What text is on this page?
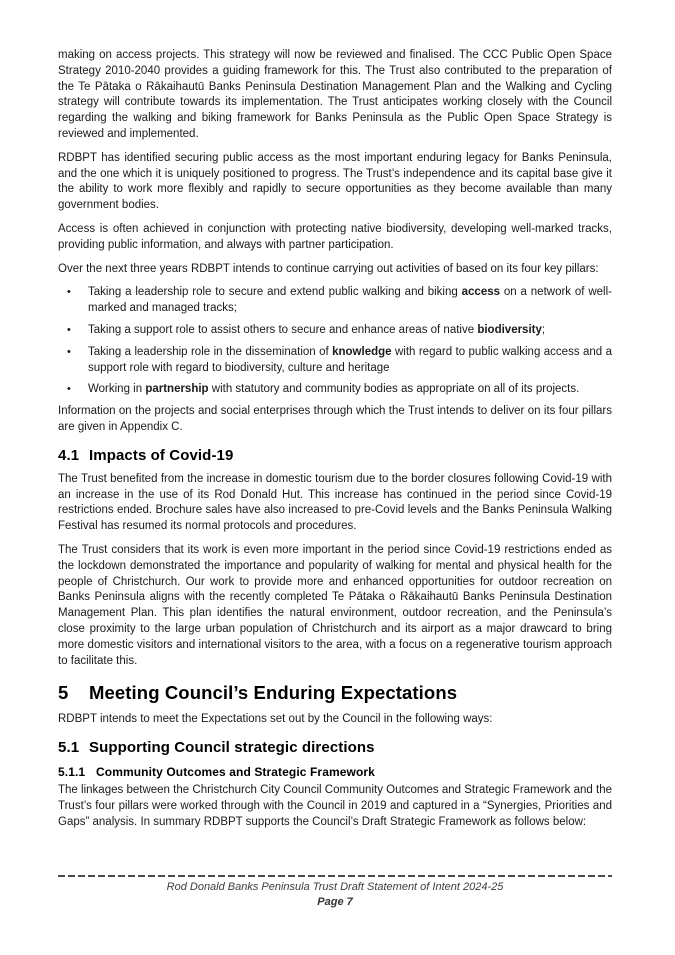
making on access projects. This strategy will now be reviewed and finalised. The CCC Public Open Space Strategy 2010-2040 provides a guiding framework for this. The Trust also contributed to the preparation of the Te Pātaka o Rākaihautū Banks Peninsula Destination Management Plan and the Walking and Cycling strategy will contribute towards its implementation. The Trust anticipates working closely with the Council regarding the walking and biking framework for Banks Peninsula as the Public Open Space Strategy is reviewed and implemented.

RDBPT has identified securing public access as the most important enduring legacy for Banks Peninsula, and the one which it is uniquely positioned to progress. The Trust’s independence and its capital base give it the ability to work more flexibly and rapidly to secure opportunities as they become available than many government bodies.

Access is often achieved in conjunction with protecting native biodiversity, developing well-marked tracks, providing public information, and always with partner participation.

Over the next three years RDBPT intends to continue carrying out activities of based on its four key pillars:

•	Taking a leadership role to secure and extend public walking and biking access on a network of well-marked and managed tracks;
•	Taking a support role to assist others to secure and enhance areas of native biodiversity;
•	Taking a leadership role in the dissemination of knowledge with regard to public walking access and a support role with regard to biodiversity, culture and heritage
•	Working in partnership with statutory and community bodies as appropriate on all of its projects.

Information on the projects and social enterprises through which the Trust intends to deliver on its four pillars are given in Appendix C.

4.1 Impacts of Covid-19

The Trust benefited from the increase in domestic tourism due to the border closures following Covid-19 with an increase in the use of its Rod Donald Hut. This increase has continued in the period since Covid-19 restrictions ended. Brochure sales have also increased to pre-Covid levels and the Banks Peninsula Walking Festival has resumed its normal protocols and procedures.

The Trust considers that its work is even more important in the period since Covid-19 restrictions ended as the lockdown demonstrated the importance and popularity of walking for mental and physical health for the people of Christchurch. Our work to provide more and enhanced opportunities for outdoor recreation on Banks Peninsula aligns with the recently completed Te Pātaka o Rākaihautū Banks Peninsula Destination Management Plan. This plan identifies the natural environment, outdoor recreation, and the Peninsula’s close proximity to the large urban population of Christchurch and its airport as a major drawcard to bring more domestic visitors and international visitors to the area, with a focus on a regenerative tourism approach to facilitate this.

5 Meeting Council’s Enduring Expectations

RDBPT intends to meet the Expectations set out by the Council in the following ways:

5.1 Supporting Council strategic directions
5.1.1 Community Outcomes and Strategic Framework

The linkages between the Christchurch City Council Community Outcomes and Strategic Framework and the Trust’s four pillars were worked through with the Council in 2019 and captured in a “Synergies, Priorities and Gaps” analysis. In summary RDBPT supports the Council’s Draft Strategic Framework as follows below:

Rod Donald Banks Peninsula Trust Draft Statement of Intent 2024-25
Page 7
